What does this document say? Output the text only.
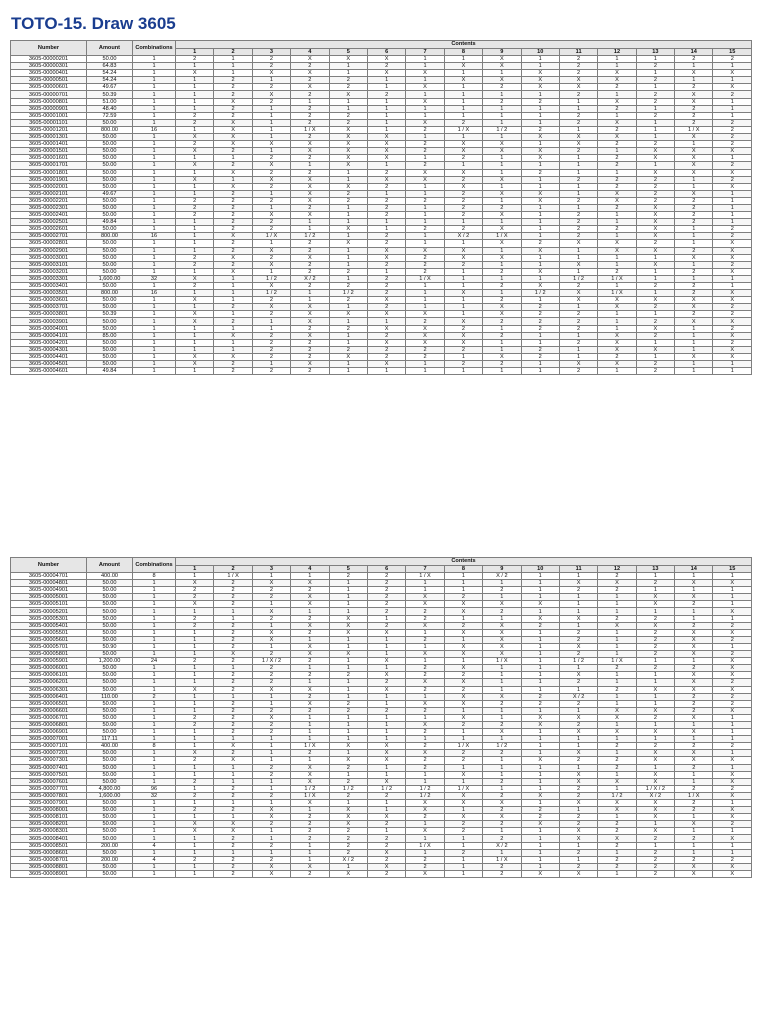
TOTO-15. Draw 3605
Number	Amount	Combinations	Contents														
			1	2	3	4	5	6	7	8	9	10	11	12	13	14	15
3605-00000201	50.00	1	2	1	2	X	X	X	1	1	X	1	2	1	1	2	2
3605-00000301	64.83	1	1	1	2	2	1	2	1	X	X	1	2	1	2	1	1
3605-00000401	54.24	1	X	1	X	X	1	X	X	1	1	X	2	X	1	X	X
3605-00000501	54.24	1	1	2	1	2	2	1	1	X	X	X	X	X	2	1	1
3605-00000601	49.67	1	1	2	2	X	2	1	X	1	2	X	X	2	1	2	X
3605-00000701	50.39	1	1	2	X	2	X	2	1	1	1	1	2	1	2	X	2
3605-00000801	51.00	1	1	X	2	1	1	1	X	1	2	2	1	X	2	X	1
3605-00000901	48.40	1	1	2	1	2	1	1	1	1	1	1	1	2	1	2	1
3605-00001001	72.59	1	2	2	1	2	2	1	1	1	1	1	2	1	2	2	1
3605-00001101	50.00	1	2	X	1	2	2	1	X	2	1	1	2	X	1	2	2
3605-00001201	800.00	16	1	X	1	1 / X	X	1	2	1 / X	1 / 2	2	1	2	1	1 / X	2
3605-00001301	50.00	1	X	X	1	2	X	X	1	1	1	X	X	X	1	X	2
3605-00001401	50.00	1	2	X	X	X	X	X	2	X	X	1	X	2	2	1	2
3605-00001501	50.00	1	X	2	1	X	X	X	2	X	X	X	2	1	X	X	X
3605-00001601	50.00	1	1	1	2	2	X	X	1	2	1	X	1	2	X	X	1
3605-00001701	50.00	1	X	2	X	1	X	1	2	1	1	1	1	2	1	X	2
3605-00001801	50.00	1	1	X	2	2	1	2	X	X	1	2	1	1	X	X	X
3605-00001901	50.00	1	X	1	X	X	1	X	X	2	X	1	2	2	2	1	2
3605-00002001	50.00	1	1	X	2	X	X	2	1	X	1	1	1	2	2	1	X
3605-00002101	49.67	1	1	2	1	X	2	1	1	2	X	X	1	X	2	X	1
3605-00002201	50.00	1	2	2	2	X	2	2	2	2	1	X	2	X	2	2	1
3605-00002301	50.00	1	2	2	1	2	1	2	1	2	2	1	1	2	X	2	1
3605-00002401	50.00	1	2	2	X	X	1	2	1	2	X	1	2	1	X	2	1
3605-00002501	49.84	1	1	2	2	1	1	1	1	1	1	1	2	1	X	2	1
3605-00002601	50.00	1	1	2	2	1	X	1	2	2	X	1	2	2	X	1	2
3605-00002701	800.00	16	1	X	1 / X	1 / 2	1	2	1	X / 2	1 / X	1	2	1	X	1	2
3605-00002801	50.00	1	1	2	1	2	X	2	1	1	X	2	X	X	2	1	X
3605-00002901	50.00	1	1	2	X	2	1	X	X	X	1	X	1	X	X	2	X
3605-00003001	50.00	1	2	X	2	X	1	X	2	X	X	1	1	1	1	X	X
3605-00003101	50.00	1	2	2	X	2	1	2	2	2	1	1	X	1	X	1	2
3605-00003201	50.00	1	1	X	1	2	2	1	2	1	2	X	1	2	1	2	X
3605-00003301	1,600.00	32	X	1	1 / 2	X / 2	1	2	1 / X	1	1	1	1 / 2	1 / X	1	1	1
3605-00003401	50.00	1	2	1	X	2	2	2	1	1	2	X	2	1	2	2	1
3605-00003501	800.00	16	1	1	1 / 2	1	1 / 2	2	1	X	1	1 / 2	X	1 / X	1	2	X
3605-00003601	50.00	1	X	1	2	1	2	X	1	1	2	1	X	X	X	X	X
3605-00003701	50.00	1	1	2	X	X	1	2	1	1	X	2	1	X	2	X	2
3605-00003801	50.39	1	X	1	2	X	X	X	X	1	X	2	2	1	1	2	2
3605-00003901	50.00	1	X	2	1	X	1	1	2	X	2	2	2	1	2	X	X
3605-00004001	50.00	1	1	1	1	2	2	X	X	2	1	2	2	1	X	1	2
3605-00004101	85.00	1	1	X	2	X	1	2	X	X	2	1	1	X	2	1	X
3605-00004201	50.00	1	1	1	2	2	1	X	X	X	1	1	2	X	1	1	2
3605-00004301	50.00	1	1	1	2	2	2	2	2	2	1	2	1	X	X	1	X
3605-00004401	50.00	1	X	X	2	2	X	2	2	1	X	2	1	2	1	X	X
3605-00004501	50.00	1	X	2	1	X	1	X	1	2	2	1	X	X	2	1	1
3605-00004601	49.84	1	1	2	2	2	1	1	1	1	1	1	2	1	2	1	1
Number	Amount	Combinations	Contents														
			1	2	3	4	5	6	7	8	9	10	11	12	13	14	15
3605-00004701	400.00	8	1	1 / X	1	1	2	2	1 / X	1	X / 2	1	1	2	1	1	1
3605-00004801	50.00	1	X	2	X	X	1	2	1	1	1	1	X	X	2	X	X
3605-00004901	50.00	1	2	2	2	2	1	2	1	1	2	1	2	2	1	1	1
3605-00005001	50.00	1	2	2	2	X	1	2	X	2	1	1	1	1	X	X	1
3605-00005101	50.00	1	X	2	1	X	1	2	X	X	X	X	1	1	X	2	1
3605-00005201	50.00	1	1	1	X	1	1	2	2	X	2	1	1	1	1	1	X
3605-00005301	50.00	1	2	1	2	2	X	1	2	1	1	X	X	2	2	1	1
3605-00005401	50.00	1	2	2	1	X	X	2	X	2	X	2	1	X	X	2	2
3605-00005501	50.00	1	1	2	X	2	X	X	1	X	X	1	2	1	2	X	X
3605-00005601	50.00	1	1	2	X	1	1	1	2	1	X	1	2	1	2	X	2
3605-00005701	50.90	1	1	2	1	X	1	1	1	X	X	1	X	1	2	X	1
3605-00005801	50.00	1	1	X	2	X	X	1	X	X	X	1	2	1	2	X	2
3605-00005901	1,200.00	24	2	2	1 / X / 2	2	1	X	1	1	1 / X	1	1 / 2	1 / X	1	1	X
3605-00006001	50.00	1	1	1	2	1	1	1	2	X	1	1	1	2	2	2	X
3605-00006101	50.00	1	1	2	2	2	2	X	2	2	1	1	X	1	1	X	X
3605-00006201	50.00	1	1	2	2	1	1	2	X	X	1	1	2	1	1	X	2
3605-00006301	50.00	1	X	2	X	X	1	X	2	2	1	1	1	2	X	X	X
3605-00006401	110.00	2	1	1	1	2	1	1	1	X	X	2	X / 2	1	1	2	2
3605-00006501	50.00	1	1	2	1	X	2	1	X	X	2	2	2	1	1	2	2
3605-00006601	50.00	1	1	2	2	2	2	2	2	1	1	1	1	X	X	2	X
3605-00006701	50.00	1	2	2	X	1	1	1	1	X	1	X	X	X	2	X	1
3605-00006801	50.00	1	2	2	2	1	1	1	X	2	2	X	2	1	1	1	1
3605-00006901	50.00	1	1	2	2	1	1	1	2	1	X	1	X	X	X	X	1
3605-00007001	117.11	1	1	1	1	1	1	1	1	1	1	1	1	1	1	1	1
3605-00007101	400.00	8	1	X	1	1 / X	X	X	2	1 / X	1 / 2	1	1	2	2	2	2
3605-00007201	50.00	1	X	2	1	2	1	X	X	2	2	1	X	1	X	X	1
3605-00007301	50.00	1	2	X	1	1	X	X	2	2	1	X	2	2	X	X	X
3605-00007401	50.00	1	1	1	2	X	2	1	2	1	1	1	1	2	1	2	1
3605-00007501	50.00	1	1	1	2	X	1	1	1	X	1	1	X	1	X	1	X
3605-00007601	50.00	1	2	1	1	X	2	X	1	1	2	1	X	X	X	1	X
3605-00007701	4,800.00	96	1	2	1	1 / 2	1 / 2	1 / 2	1 / 2	1 / X	1	1	2	1	1 / X / 2	2	2
3605-00007801	1,600.00	32	2	2	2	1 / X	2	2	1 / 2	X	2	X	2	1 / 2	X / 2	1 / X	X
3605-00007901	50.00	1	1	1	1	X	1	1	X	X	X	1	X	X	X	2	1
3605-00008001	50.00	1	2	2	X	1	X	1	X	1	2	2	1	X	X	2	X
3605-00008101	50.00	1	1	1	X	2	X	X	2	X	X	2	2	1	X	1	X
3605-00008201	50.00	1	X	X	2	2	X	2	1	2	2	X	2	2	1	X	2
3605-00008301	50.00	1	X	X	1	2	2	1	X	2	1	1	X	2	X	1	1
3605-00008401	50.00	1	1	2	1	2	2	2	1	1	2	1	X	X	2	2	X
3605-00008501	200.00	4	1	2	2	1	2	2	1 / X	1	X / 2	1	1	2	1	1	1
3605-00008601	50.00	1	1	1	1	1	2	X	1	2	1	1	2	1	2	1	1
3605-00008701	200.00	4	2	2	2	1	X / 2	2	2	1	1 / X	1	1	2	2	2	2
3605-00008801	50.00	1	1	2	X	X	1	X	2	1	2	1	2	2	2	X	X
3605-00008901	50.00	1	1	2	X	2	X	2	X	1	2	X	X	1	2	X	X
